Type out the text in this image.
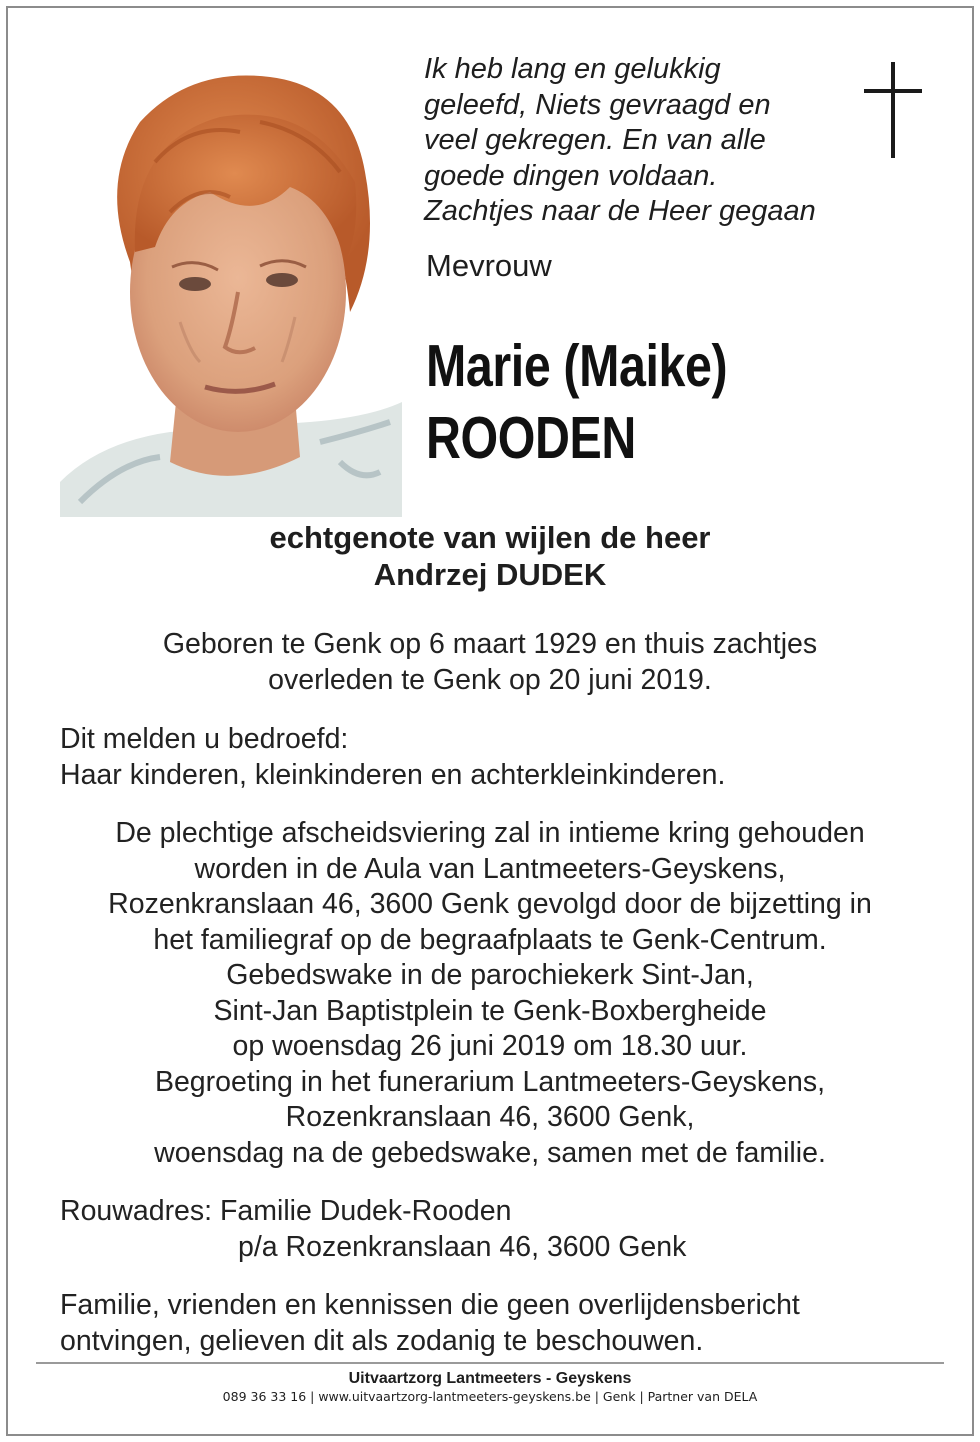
Ik heb lang en gelukkig
geleefd, Niets gevraagd en
veel gekregen. En van alle
goede dingen voldaan.
Zachtjes naar de Heer gegaan
Mevrouw
Marie (Maike)
ROODEN
echtgenote van wijlen de heer
Andrzej DUDEK
Geboren te Genk op 6 maart 1929 en thuis zachtjes
overleden te Genk op 20 juni 2019.
Dit melden u bedroefd:
Haar kinderen, kleinkinderen en achterkleinkinderen.
De plechtige afscheidsviering zal in intieme kring gehouden
worden in de Aula van Lantmeeters-Geyskens,
Rozenkranslaan 46, 3600 Genk gevolgd door de bijzetting in
het familiegraf op de begraafplaats te Genk-Centrum.
Gebedswake in de parochiekerk Sint-Jan,
Sint-Jan Baptistplein te Genk-Boxbergheide
op woensdag 26 juni 2019 om 18.30 uur.
Begroeting in het funerarium Lantmeeters-Geyskens,
Rozenkranslaan 46, 3600 Genk,
woensdag na de gebedswake, samen met de familie.
Rouwadres: Familie Dudek-Rooden
p/a Rozenkranslaan 46, 3600 Genk
Familie, vrienden en kennissen die geen overlijdensbericht
ontvingen, gelieven dit als zodanig te beschouwen.
Uitvaartzorg Lantmeeters - Geyskens
089 36 33 16 | www.uitvaartzorg-lantmeeters-geyskens.be | Genk | Partner van DELA
